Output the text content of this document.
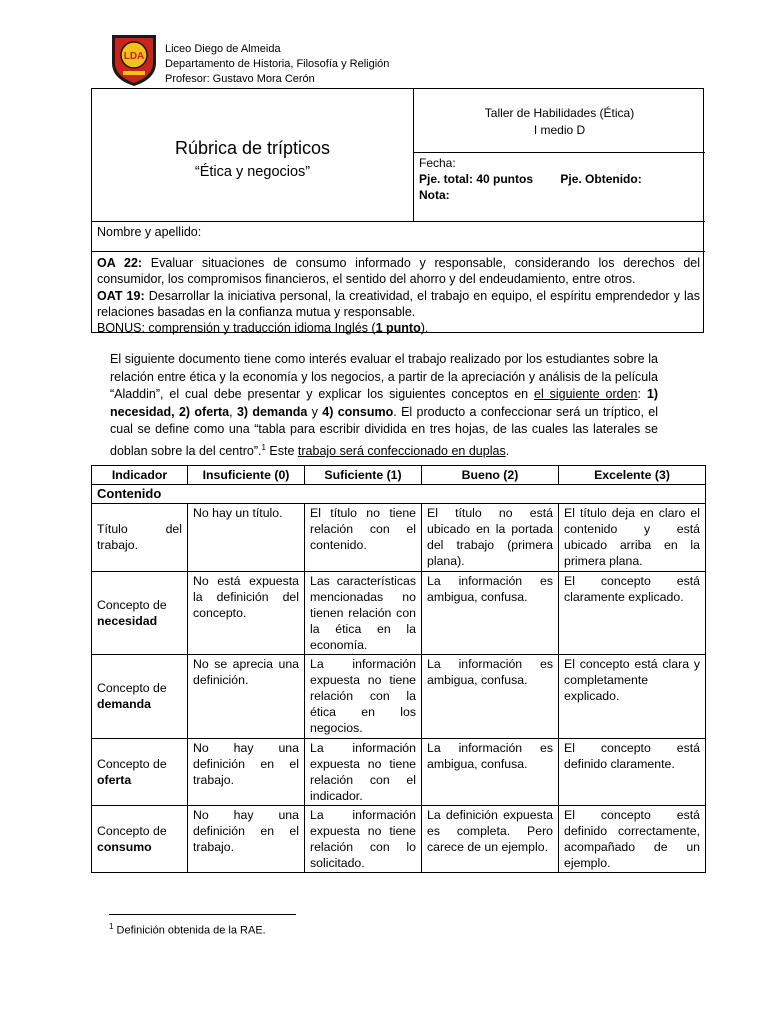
LDA
Liceo Diego de Almeida
Departamento de Historia, Filosofía y Religión
Profesor: Gustavo Mora Cerón
Rúbrica de trípticos
“Ética y negocios”
Taller de Habilidades (Ética)
I medio D
Fecha:
Pje. total: 40 puntos Pje. Obtenido:
Nota:
Nombre y apellido:

OA 22: Evaluar situaciones de consumo informado y responsable, considerando los derechos del consumidor, los compromisos financieros, el sentido del ahorro y del endeudamiento, entre otros.

OAT 19: Desarrollar la iniciativa personal, la creatividad, el trabajo en equipo, el espíritu emprendedor y las relaciones basadas en la confianza mutua y responsable.

BONUS: comprensión y traducción idioma Inglés (1 punto).

El siguiente documento tiene como interés evaluar el trabajo realizado por los estudiantes sobre la relación entre ética y la economía y los negocios, a partir de la apreciación y análisis de la película “Aladdin”, el cual debe presentar y explicar los siguientes conceptos en el siguiente orden: 1) necesidad, 2) oferta, 3) demanda y 4) consumo. El producto a confeccionar será un tríptico, el cual se define como una “tabla para escribir dividida en tres hojas, de las cuales las laterales se doblan sobre la del centro”.$^1$ Este trabajo será confeccionado en duplas.
Indicador	Insuficiente (0)	Suficiente (1)	Bueno (2)	Excelente (3)
Contenido				
Título del trabajo.	No hay un título.	El título no tiene relación con el contenido.	El título no está ubicado en la portada del trabajo (primera plana).	El título deja en claro el contenido y está ubicado arriba en la primera plana.
Concepto de
necesidad	No está expuesta la definición del concepto.	Las características mencionadas no tienen relación con la ética en la economía.	La información es ambigua, confusa.	El concepto está claramente explicado.
Concepto de
demanda	No se aprecia una definición.	La información expuesta no tiene relación con la ética en los negocios.	La información es ambigua, confusa.	El concepto está clara y completamente explicado.
Concepto de
oferta	No hay una definición en el trabajo.	La información expuesta no tiene relación con el indicador.	La información es ambigua, confusa.	El concepto está definido claramente.
Concepto de
consumo	No hay una definición en el trabajo.	La información expuesta no tiene relación con lo solicitado.	La definición expuesta es completa. Pero carece de un ejemplo.	El concepto está definido correctamente, acompañado de un ejemplo.
$^1$ Definición obtenida de la RAE.
